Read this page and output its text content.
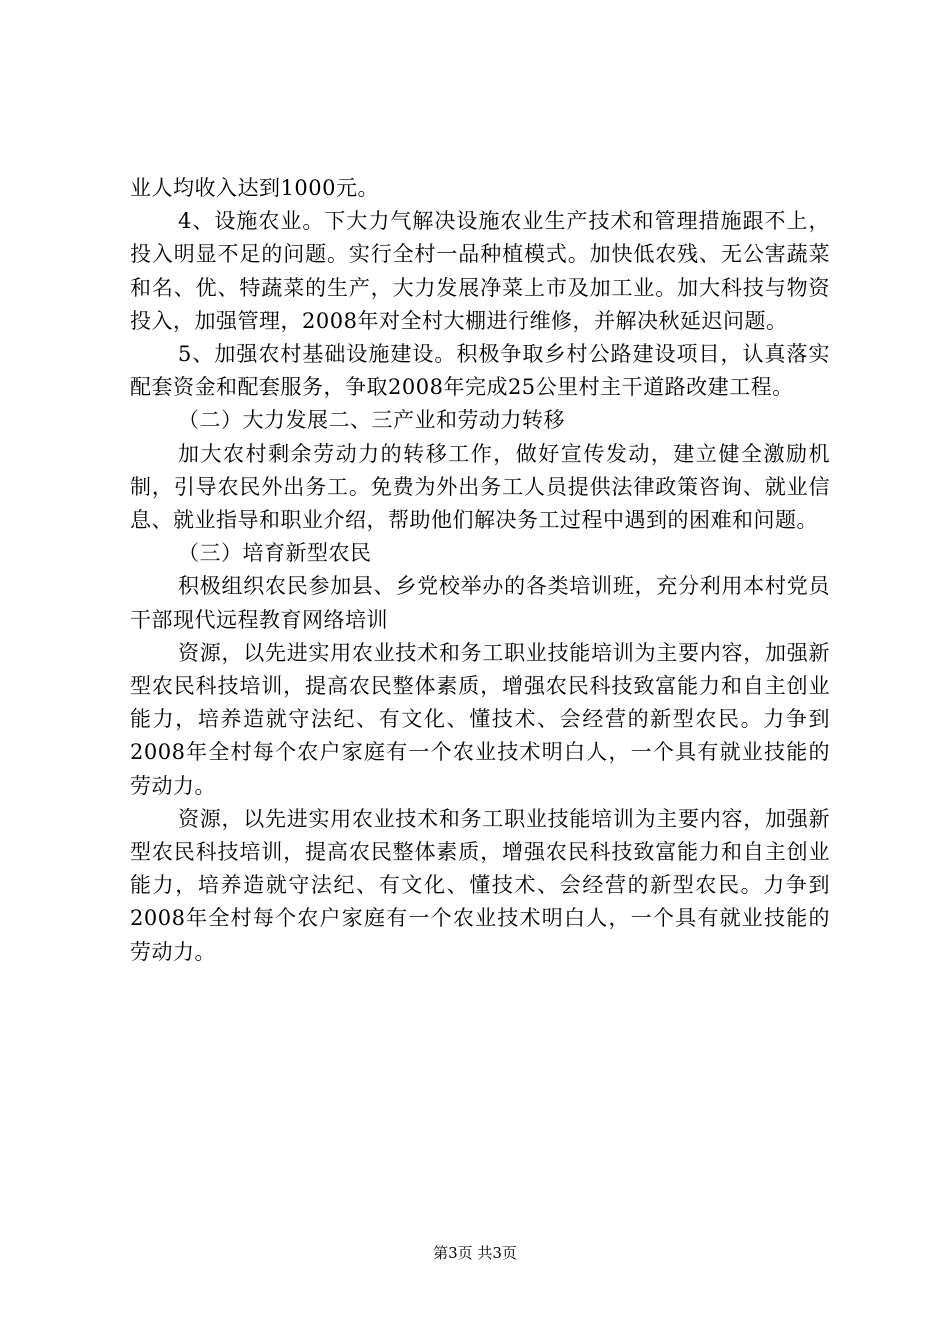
业人均收入达到1000元。

4、设施农业。下大力气解决设施农业生产技术和管理措施跟不上，投入明显不足的问题。实行全村一品种植模式。加快低农残、无公害蔬菜和名、优、特蔬菜的生产，大力发展净菜上市及加工业。加大科技与物资投入，加强管理，2008年对全村大棚进行维修，并解决秋延迟问题。

5、加强农村基础设施建设。积极争取乡村公路建设项目，认真落实配套资金和配套服务，争取2008年完成25公里村主干道路改建工程。

（二）大力发展二、三产业和劳动力转移

加大农村剩余劳动力的转移工作，做好宣传发动，建立健全激励机制，引导农民外出务工。免费为外出务工人员提供法律政策咨询、就业信息、就业指导和职业介绍，帮助他们解决务工过程中遇到的困难和问题。

（三）培育新型农民

积极组织农民参加县、乡党校举办的各类培训班，充分利用本村党员干部现代远程教育网络培训

资源，以先进实用农业技术和务工职业技能培训为主要内容，加强新型农民科技培训，提高农民整体素质，增强农民科技致富能力和自主创业能力，培养造就守法纪、有文化、懂技术、会经营的新型农民。力争到2008年全村每个农户家庭有一个农业技术明白人，一个具有就业技能的劳动力。

资源，以先进实用农业技术和务工职业技能培训为主要内容，加强新型农民科技培训，提高农民整体素质，增强农民科技致富能力和自主创业能力，培养造就守法纪、有文化、懂技术、会经营的新型农民。力争到2008年全村每个农户家庭有一个农业技术明白人，一个具有就业技能的劳动力。

第3页 共3页
